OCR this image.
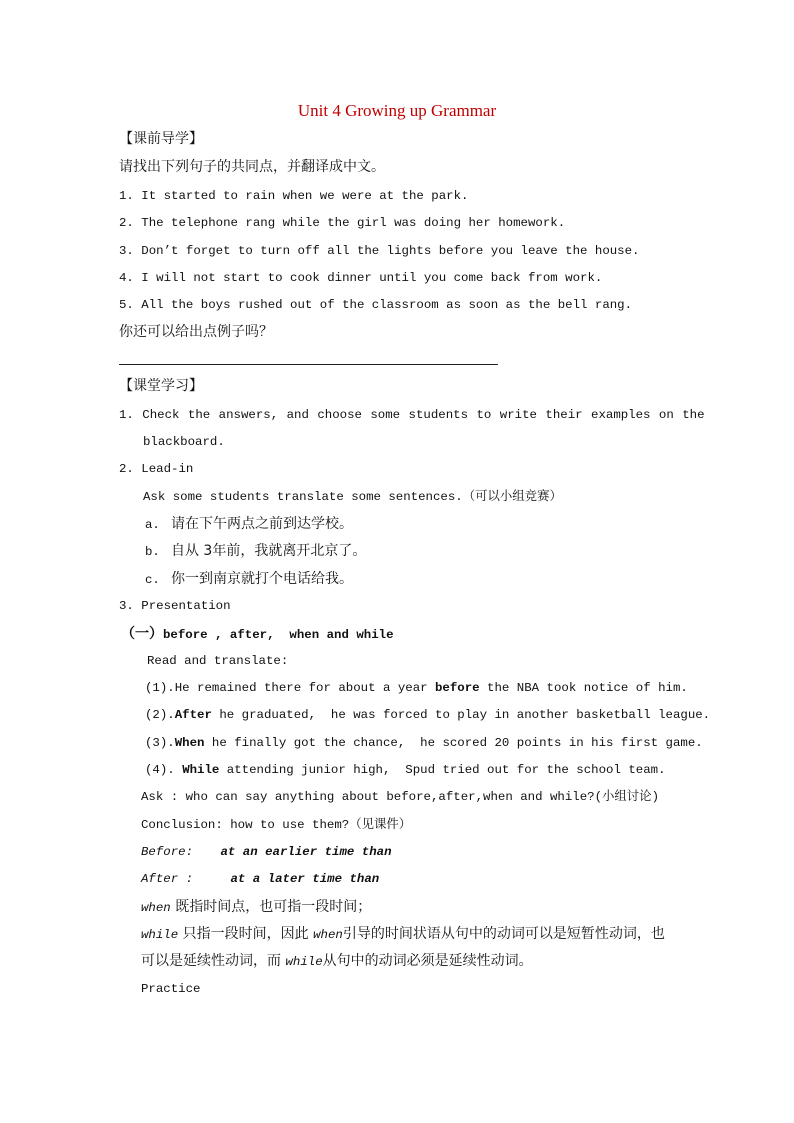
Unit 4 Growing up Grammar
【课前导学】
请找出下列句子的共同点，并翻译成中文。
1. It started to rain when we were at the park.
2. The telephone rang while the girl was doing her homework.
3. Don’t forget to turn off all the lights before you leave the house.
4. I will not start to cook dinner until you come back from work.
5. All the boys rushed out of the classroom as soon as the bell rang.
你还可以给出点例子吗？
【课堂学习】
1. Check the answers, and choose some students to write their examples on the
blackboard.
2. Lead-in
Ask some students translate some sentences.（可以小组竞赛）
a. 请在下午两点之前到达学校。
b. 自从 3年前，我就离开北京了。
c. 你一到南京就打个电话给我。
3. Presentation
（一）before , after,  when and while
Read and translate:
(1).He remained there for about a year before the NBA took notice of him.
(2).After he graduated,  he was forced to play in another basketball league.
(3).When he finally got the chance,  he scored 20 points in his first game.
(4). While attending junior high,  Spud tried out for the school team.
Ask : who can say anything about before,after,when and while?(小组讨论)
Conclusion: how to use them?（见课件）
Before: at an earlier time than
After :	at a later time than
when 既指时间点，也可指一段时间；
while 只指一段时间，因此 when引导的时间状语从句中的动词可以是短暂性动词，也
可以是延续性动词，而 while从句中的动词必须是延续性动词。
Practice
